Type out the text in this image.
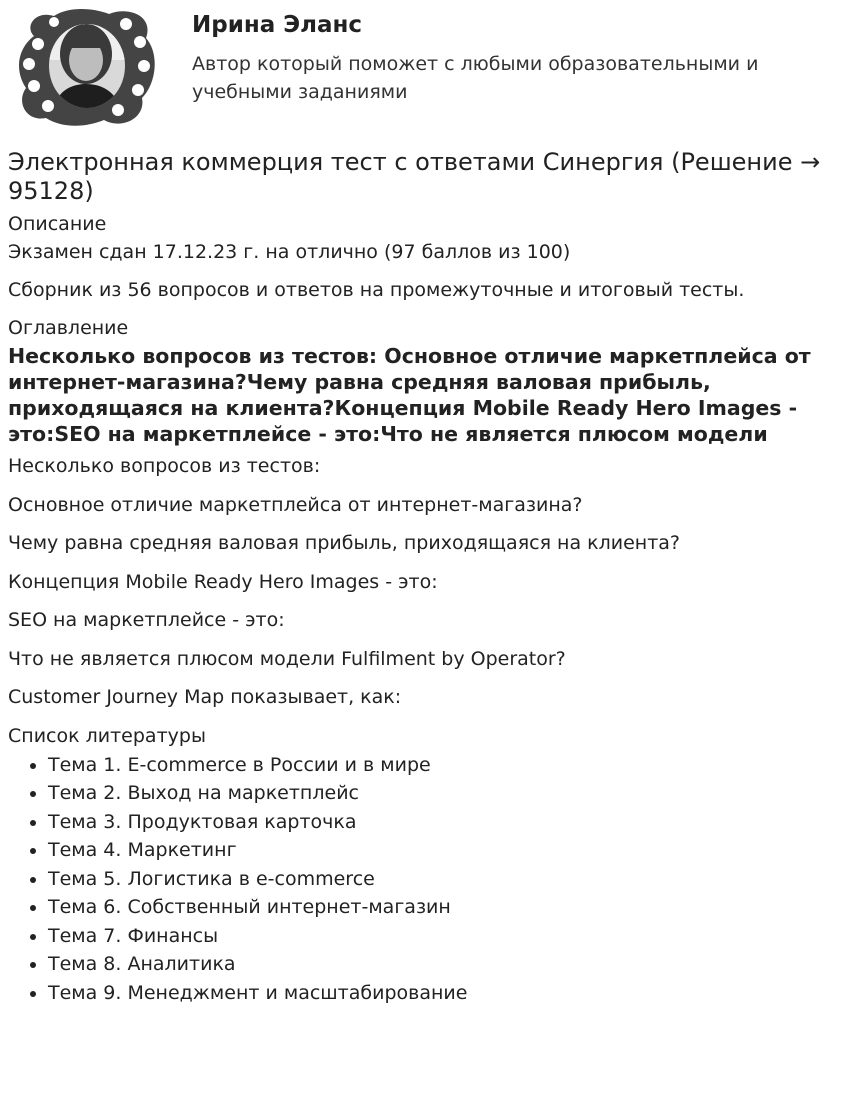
Ирина Эланс

Автор который поможет с любыми образовательными и учебными заданиями

Электронная коммерция тест с ответами Синергия (Решение → 95128)
Описание

Экзамен сдан 17.12.23 г. на отлично (97 баллов из 100)

Сборник из 56 вопросов и ответов на промежуточные и итоговый тесты.

Оглавление
Несколько вопросов из тестов: Основное отличие маркетплейса от интернет-магазина?Чему равна средняя валовая прибыль, приходящаяся на клиента?Концепция Mobile Ready Hero Images - это:SEO на маркетплейсе - это:Что не является плюсом модели

Несколько вопросов из тестов:

Основное отличие маркетплейса от интернет-магазина?

Чему равна средняя валовая прибыль, приходящаяся на клиента?

Концепция Mobile Ready Hero Images - это:

SEO на маркетплейсе - это:

Что не является плюсом модели Fulfilment by Operator?

Customer Journey Map показывает, как:

Список литературы
• Тема 1. E-commerce в России и в мире
• Тема 2. Выход на маркетплейс
• Тема 3. Продуктовая карточка
• Тема 4. Маркетинг
• Тема 5. Логистика в e-commerce
• Тема 6. Собственный интернет-магазин
• Тема 7. Финансы
• Тема 8. Аналитика
• Тема 9. Менеджмент и масштабирование
